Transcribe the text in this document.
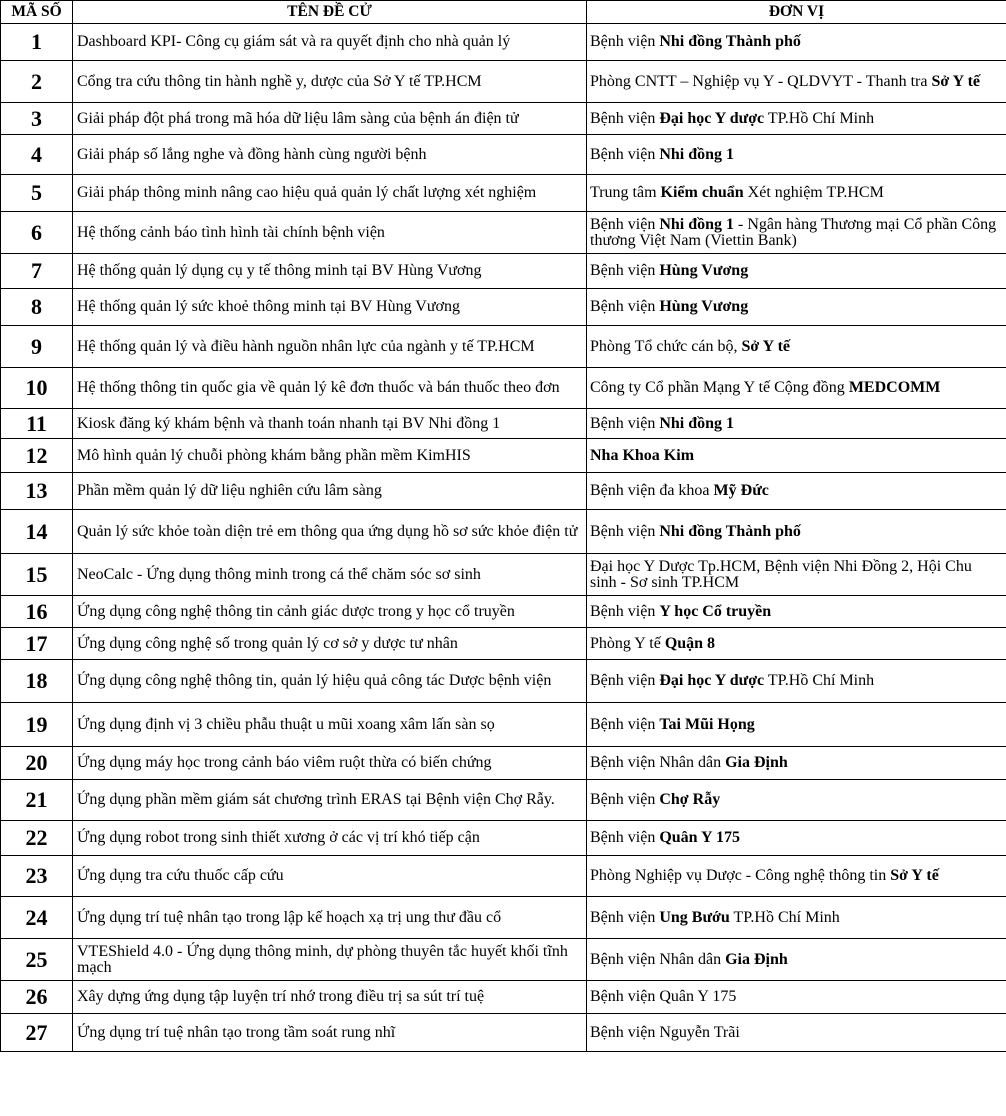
MÃ SỐ	TÊN ĐỀ CỬ	ĐƠN VỊ
1	Dashboard KPI- Công cụ giám sát và ra quyết định cho nhà quản lý	Bệnh viện Nhi đồng Thành phố
2	Cổng tra cứu thông tin hành nghề y, dược của Sở Y tế TP.HCM	Phòng CNTT – Nghiệp vụ Y - QLDVYT - Thanh tra Sở Y tế
3	Giải pháp đột phá trong mã hóa dữ liệu lâm sàng của bệnh án điện tử	Bệnh viện Đại học Y dược TP.Hồ Chí Minh
4	Giải pháp số lắng nghe và đồng hành cùng người bệnh	Bệnh viện Nhi đồng 1
5	Giải pháp thông minh nâng cao hiệu quả quản lý chất lượng xét nghiệm	Trung tâm Kiểm chuẩn Xét nghiệm TP.HCM
6	Hệ thống cảnh báo tình hình tài chính bệnh viện	Bệnh viện Nhi đồng 1 - Ngân hàng Thương mại Cổ phần Công thương Việt Nam (Viettin Bank)
7	Hệ thống quản lý dụng cụ y tế thông minh tại BV Hùng Vương	Bệnh viện Hùng Vương
8	Hệ thống quản lý sức khoẻ thông minh tại BV Hùng Vương	Bệnh viện Hùng Vương
9	Hệ thống quản lý và điều hành nguồn nhân lực của ngành y tế TP.HCM	Phòng Tổ chức cán bộ, Sở Y tế
10	Hệ thống thông tin quốc gia về quản lý kê đơn thuốc và bán thuốc theo đơn	Công ty Cổ phần Mạng Y tế Cộng đồng MEDCOMM
11	Kiosk đăng ký khám bệnh và thanh toán nhanh tại BV Nhi đồng 1	Bệnh viện Nhi đồng 1
12	Mô hình quản lý chuỗi phòng khám bằng phần mềm KimHIS	Nha Khoa Kim
13	Phần mềm quản lý dữ liệu nghiên cứu lâm sàng	Bệnh viện đa khoa Mỹ Đức
14	Quản lý sức khỏe toàn diện trẻ em thông qua ứng dụng hồ sơ sức khỏe điện tử	Bệnh viện Nhi đồng Thành phố
15	NeoCalc - Ứng dụng thông minh trong cá thể chăm sóc sơ sinh	Đại học Y Dược Tp.HCM, Bệnh viện Nhi Đồng 2, Hội Chu sinh - Sơ sinh TP.HCM
16	Ứng dụng công nghệ thông tin cảnh giác dược trong y học cổ truyền	Bệnh viện Y học Cổ truyền
17	Ứng dụng công nghệ số trong quản lý cơ sở y dược tư nhân	Phòng Y tế Quận 8
18	Ứng dụng công nghệ thông tin, quản lý hiệu quả công tác Dược bệnh viện	Bệnh viện Đại học Y dược TP.Hồ Chí Minh
19	Ứng dụng định vị 3 chiều phẫu thuật u mũi xoang xâm lấn sàn sọ	Bệnh viện Tai Mũi Họng
20	Ứng dụng máy học trong cảnh báo viêm ruột thừa có biến chứng	Bệnh viện Nhân dân Gia Định
21	Ứng dụng phần mềm giám sát chương trình ERAS tại Bệnh viện Chợ Rẫy.	Bệnh viện Chợ Rẫy
22	Ứng dụng robot trong sinh thiết xương ở các vị trí khó tiếp cận	Bệnh viện Quân Y 175
23	Ứng dụng tra cứu thuốc cấp cứu	Phòng Nghiệp vụ Dược - Công nghệ thông tin Sở Y tế
24	Ứng dụng trí tuệ nhân tạo trong lập kế hoạch xạ trị ung thư đầu cổ	Bệnh viện Ung Bướu TP.Hồ Chí Minh
25	VTEShield 4.0 - Ứng dụng thông minh, dự phòng thuyên tắc huyết khối tĩnh mạch	Bệnh viện Nhân dân Gia Định
26	Xây dựng ứng dụng tập luyện trí nhớ trong điều trị sa sút trí tuệ	Bệnh viện Quân Y 175
27	Ứng dụng trí tuệ nhân tạo trong tầm soát rung nhĩ	Bệnh viện Nguyễn Trãi
